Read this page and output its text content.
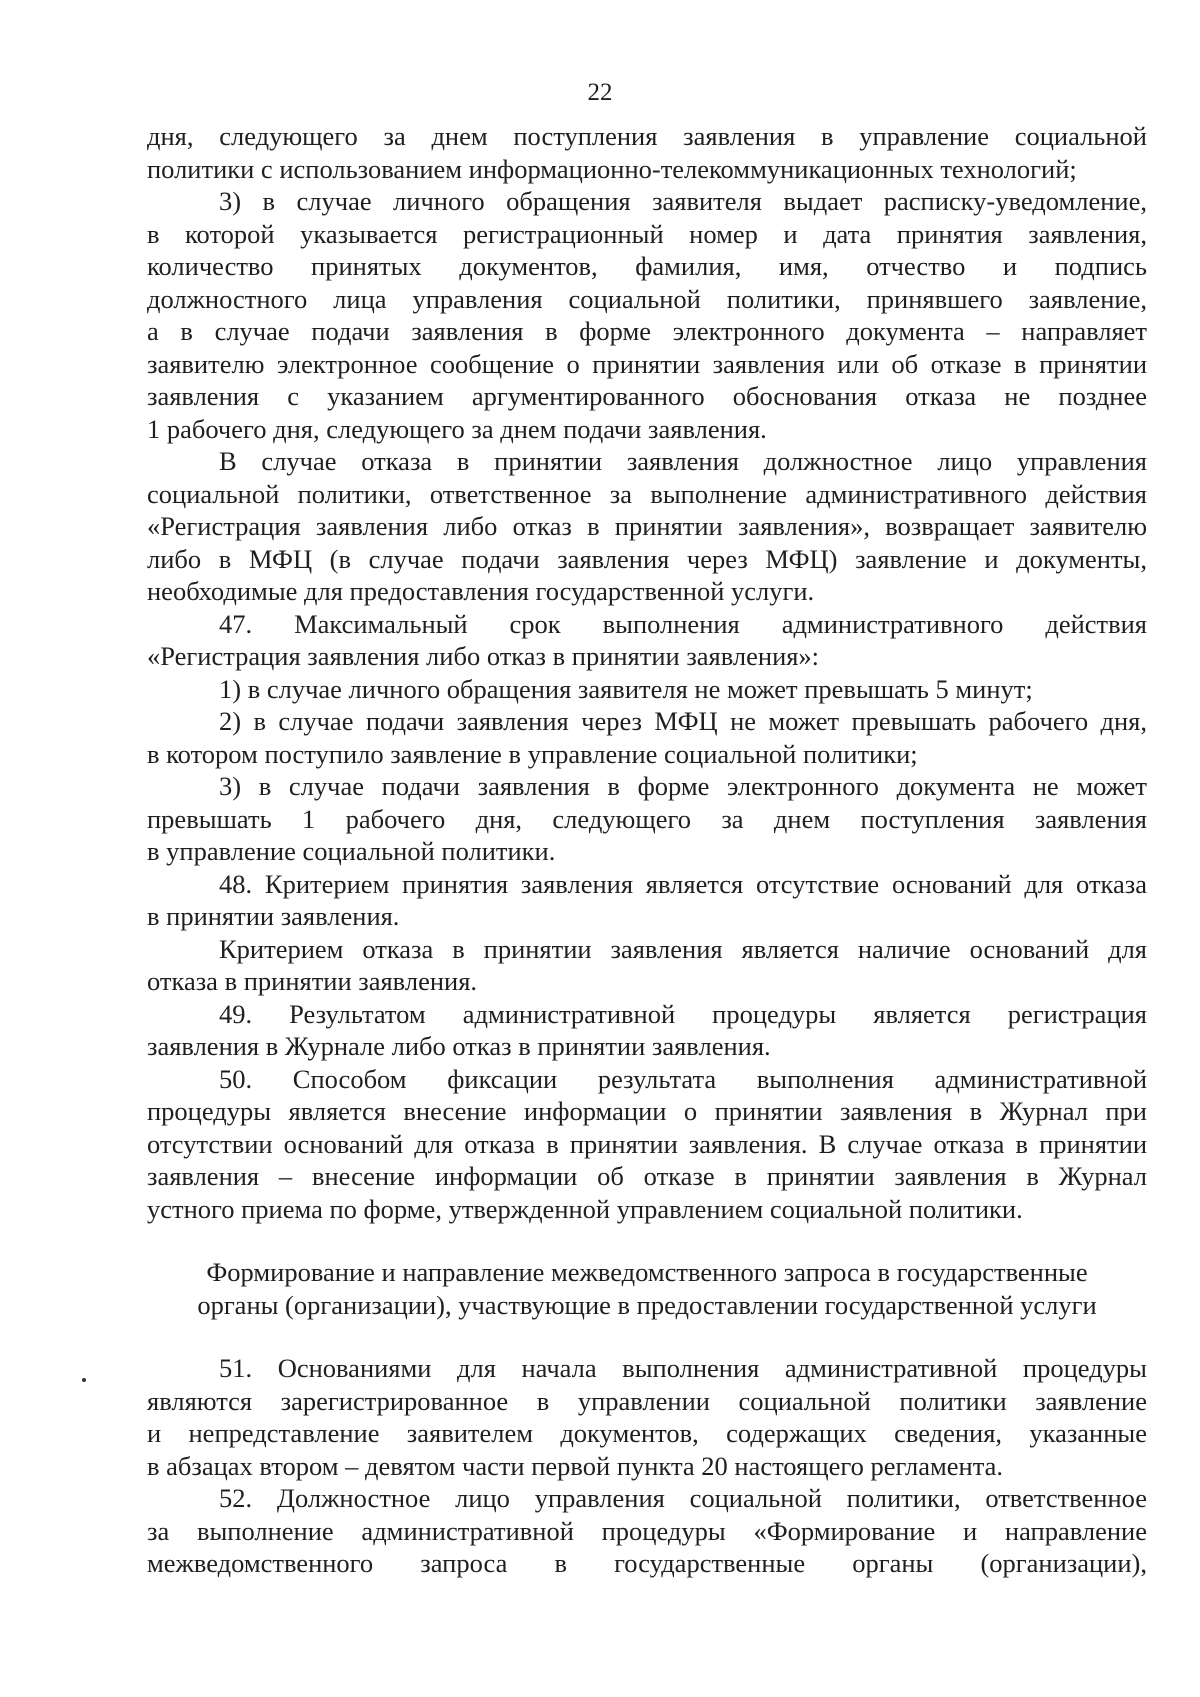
22

дня, следующего за днем поступления заявления в управление социальной
политики с использованием информационно-телекоммуникационных технологий;

3) в случае личного обращения заявителя выдает расписку-уведомление,
в которой указывается регистрационный номер и дата принятия заявления,
количество принятых документов, фамилия, имя, отчество и подпись
должностного лица управления социальной политики, принявшего заявление,
а в случае подачи заявления в форме электронного документа – направляет
заявителю электронное сообщение о принятии заявления или об отказе в принятии
заявления с указанием аргументированного обоснования отказа не позднее
1 рабочего дня, следующего за днем подачи заявления.

В случае отказа в принятии заявления должностное лицо управления
социальной политики, ответственное за выполнение административного действия
«Регистрация заявления либо отказ в принятии заявления», возвращает заявителю
либо в МФЦ (в случае подачи заявления через МФЦ) заявление и документы,
необходимые для предоставления государственной услуги.

47. Максимальный срок выполнения административного действия
«Регистрация заявления либо отказ в принятии заявления»:

1) в случае личного обращения заявителя не может превышать 5 минут;

2) в случае подачи заявления через МФЦ не может превышать рабочего дня,
в котором поступило заявление в управление социальной политики;

3) в случае подачи заявления в форме электронного документа не может
превышать 1 рабочего дня, следующего за днем поступления заявления
в управление социальной политики.

48. Критерием принятия заявления является отсутствие оснований для отказа
в принятии заявления.

Критерием отказа в принятии заявления является наличие оснований для
отказа в принятии заявления.

49. Результатом административной процедуры является регистрация
заявления в Журнале либо отказ в принятии заявления.

50. Способом фиксации результата выполнения административной
процедуры является внесение информации о принятии заявления в Журнал при
отсутствии оснований для отказа в принятии заявления. В случае отказа в принятии
заявления – внесение информации об отказе в принятии заявления в Журнал
устного приема по форме, утвержденной управлением социальной политики.

Формирование и направление межведомственного запроса в государственные
органы (организации), участвующие в предоставлении государственной услуги

51. Основаниями для начала выполнения административной процедуры
являются зарегистрированное в управлении социальной политики заявление
и непредставление заявителем документов, содержащих сведения, указанные
в абзацах втором – девятом части первой пункта 20 настоящего регламента.

52. Должностное лицо управления социальной политики, ответственное
за выполнение административной процедуры «Формирование и направление
межведомственного запроса в государственные органы (организации),
